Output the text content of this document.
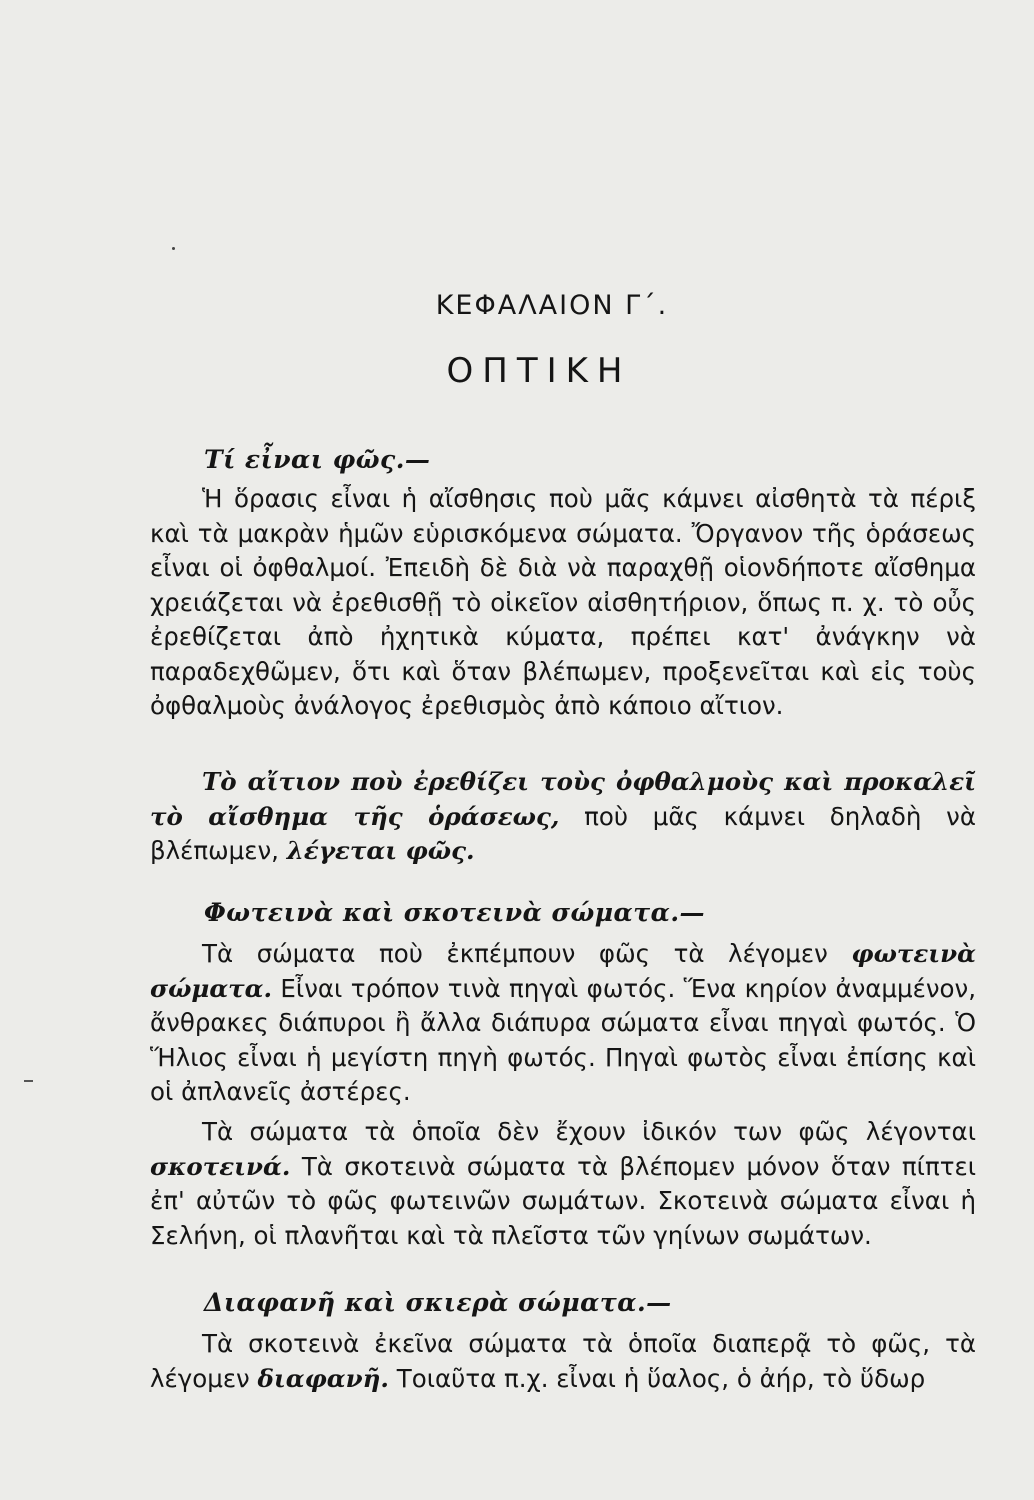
ΚΕΦΑΛΑΙΟΝ Γ΄.
ΟΠΤΙΚΗ
Τί εἶναι φῶς.—

Ἡ ὅρασις εἶναι ἡ αἴσθησις ποὺ μᾶς κάμνει αἰσθητὰ τὰ πέριξ καὶ τὰ μακρὰν ἡμῶν εὑρισκόμενα σώματα. Ὄργανον τῆς ὁράσεως εἶναι οἱ ὀφθαλμοί. Ἐπειδὴ δὲ διὰ νὰ παραχθῇ οἱονδήποτε αἴσθημα χρειάζεται νὰ ἐρεθισθῇ τὸ οἰκεῖον αἰσθητήριον, ὅπως π. χ. τὸ οὖς ἐρεθίζεται ἀπὸ ἠχητικὰ κύματα, πρέπει κατ' ἀνάγκην νὰ παραδεχθῶμεν, ὅτι καὶ ὅταν βλέπωμεν, προξενεῖται καὶ εἰς τοὺς ὀφθαλμοὺς ἀνάλογος ἐρεθισμὸς ἀπὸ κάποιο αἴτιον.

Τὸ αἴτιον ποὺ ἐρεθίζει τοὺς ὀφθαλμοὺς καὶ προκαλεῖ τὸ αἴσθημα τῆς ὁράσεως, ποὺ μᾶς κάμνει δηλαδὴ νὰ βλέπωμεν, λέγεται φῶς.

Φωτεινὰ καὶ σκοτεινὰ σώματα.—

Τὰ σώματα ποὺ ἐκπέμπουν φῶς τὰ λέγομεν φωτεινὰ σώματα. Εἶναι τρόπον τινὰ πηγαὶ φωτός. Ἕνα κηρίον ἀναμμένον, ἄνθρακες διάπυροι ἢ ἄλλα διάπυρα σώματα εἶναι πηγαὶ φωτός. Ὁ Ἥλιος εἶναι ἡ μεγίστη πηγὴ φωτός. Πηγαὶ φωτὸς εἶναι ἐπίσης καὶ οἱ ἀπλανεῖς ἀστέρες.

Τὰ σώματα τὰ ὁποῖα δὲν ἔχουν ἰδικόν των φῶς λέγονται σκοτεινά. Τὰ σκοτεινὰ σώματα τὰ βλέπομεν μόνον ὅταν πίπτει ἐπ' αὐτῶν τὸ φῶς φωτεινῶν σωμάτων. Σκοτεινὰ σώματα εἶναι ἡ Σελήνη, οἱ πλανῆται καὶ τὰ πλεῖστα τῶν γηίνων σωμάτων.

Διαφανῆ καὶ σκιερὰ σώματα.—

Τὰ σκοτεινὰ ἐκεῖνα σώματα τὰ ὁποῖα διαπερᾷ τὸ φῶς, τὰ λέγομεν διαφανῆ. Τοιαῦτα π.χ. εἶναι ἡ ὕαλος, ὁ ἀήρ, τὸ ὕδωρ
